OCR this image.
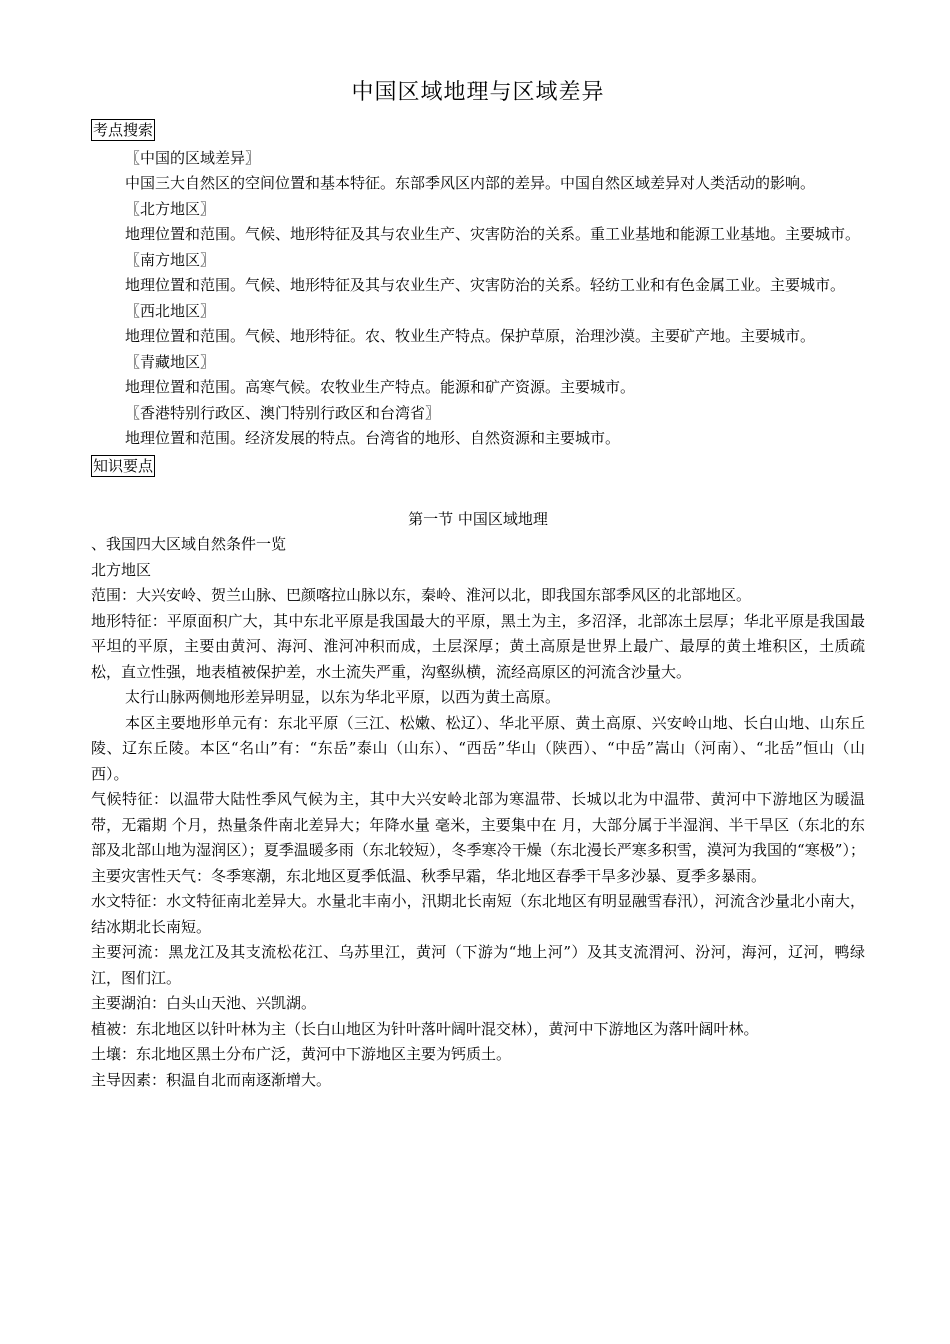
中国区域地理与区域差异
考点搜索

〖中国的区域差异〗

中国三大自然区的空间位置和基本特征。东部季风区内部的差异。中国自然区域差异对人类活动的影响。

〖北方地区〗

地理位置和范围。气候、地形特征及其与农业生产、灾害防治的关系。重工业基地和能源工业基地。主要城市。

〖南方地区〗

地理位置和范围。气候、地形特征及其与农业生产、灾害防治的关系。轻纺工业和有色金属工业。主要城市。

〖西北地区〗

地理位置和范围。气候、地形特征。农、牧业生产特点。保护草原，治理沙漠。主要矿产地。主要城市。

〖青藏地区〗

地理位置和范围。高寒气候。农牧业生产特点。能源和矿产资源。主要城市。

〖香港特别行政区、澳门特别行政区和台湾省〗

地理位置和范围。经济发展的特点。台湾省的地形、自然资源和主要城市。

知识要点

第一节 中国区域地理

、我国四大区域自然条件一览

北方地区

范围：大兴安岭、贺兰山脉、巴颜喀拉山脉以东，秦岭、淮河以北，即我国东部季风区的北部地区。

地形特征：平原面积广大，其中东北平原是我国最大的平原，黑土为主，多沼泽，北部冻土层厚；华北平原是我国最平坦的平原，主要由黄河、海河、淮河冲积而成，土层深厚；黄土高原是世界上最广、最厚的黄土堆积区，土质疏松，直立性强，地表植被保护差，水土流失严重，沟壑纵横，流经高原区的河流含沙量大。

太行山脉两侧地形差异明显，以东为华北平原，以西为黄土高原。

本区主要地形单元有：东北平原（三江、松嫩、松辽）、华北平原、黄土高原、兴安岭山地、长白山地、山东丘陵、辽东丘陵。本区“名山”有：“东岳”泰山（山东）、“西岳”华山（陕西）、“中岳”嵩山（河南）、“北岳”恒山（山西）。

气候特征：以温带大陆性季风气候为主，其中大兴安岭北部为寒温带、长城以北为中温带、黄河中下游地区为暖温带，无霜期 个月，热量条件南北差异大；年降水量 毫米，主要集中在 月，大部分属于半湿润、半干旱区（东北的东部及北部山地为湿润区）；夏季温暖多雨（东北较短），冬季寒冷干燥（东北漫长严寒多积雪，漠河为我国的“寒极”）；主要灾害性天气：冬季寒潮，东北地区夏季低温、秋季早霜，华北地区春季干旱多沙暴、夏季多暴雨。

水文特征：水文特征南北差异大。水量北丰南小，汛期北长南短（东北地区有明显融雪春汛），河流含沙量北小南大，结冰期北长南短。

主要河流：黑龙江及其支流松花江、乌苏里江，黄河（下游为“地上河”）及其支流渭河、汾河，海河，辽河，鸭绿江，图们江。

主要湖泊：白头山天池、兴凯湖。

植被：东北地区以针叶林为主（长白山地区为针叶落叶阔叶混交林），黄河中下游地区为落叶阔叶林。

土壤：东北地区黑土分布广泛，黄河中下游地区主要为钙质土。

主导因素：积温自北而南逐渐增大。
